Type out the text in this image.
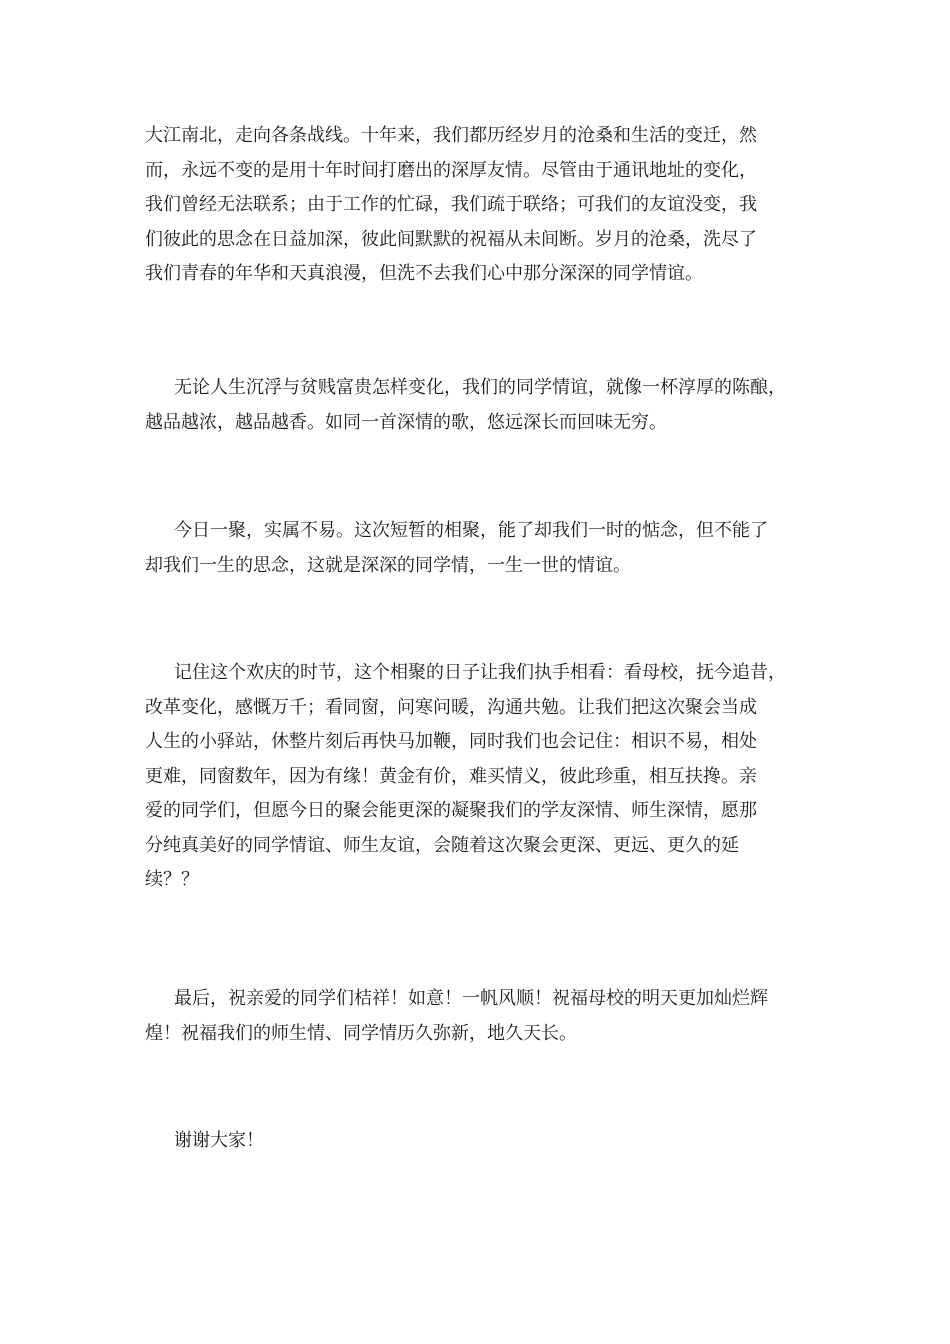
大江南北，走向各条战线。十年来，我们都历经岁月的沧桑和生活的变迁，然
而，永远不变的是用十年时间打磨出的深厚友情。尽管由于通讯地址的变化，
我们曾经无法联系；由于工作的忙碌，我们疏于联络；可我们的友谊没变，我
们彼此的思念在日益加深，彼此间默默的祝福从未间断。岁月的沧桑，洗尽了
我们青春的年华和天真浪漫，但洗不去我们心中那分深深的同学情谊。

无论人生沉浮与贫贱富贵怎样变化，我们的同学情谊，就像一杯淳厚的陈酿，
越品越浓，越品越香。如同一首深情的歌，悠远深长而回味无穷。

今日一聚，实属不易。这次短暂的相聚，能了却我们一时的惦念，但不能了
却我们一生的思念，这就是深深的同学情，一生一世的情谊。

记住这个欢庆的时节，这个相聚的日子让我们执手相看：看母校，抚今追昔，
改革变化，感慨万千；看同窗，问寒问暖，沟通共勉。让我们把这次聚会当成
人生的小驿站，休整片刻后再快马加鞭，同时我们也会记住：相识不易，相处
更难，同窗数年，因为有缘！黄金有价，难买情义，彼此珍重，相互扶搀。亲
爱的同学们，但愿今日的聚会能更深的凝聚我们的学友深情、师生深情，愿那
分纯真美好的同学情谊、师生友谊，会随着这次聚会更深、更远、更久的延
续？？

最后，祝亲爱的同学们桔祥！如意！一帆风顺！祝福母校的明天更加灿烂辉
煌！祝福我们的师生情、同学情历久弥新，地久天长。

谢谢大家！
